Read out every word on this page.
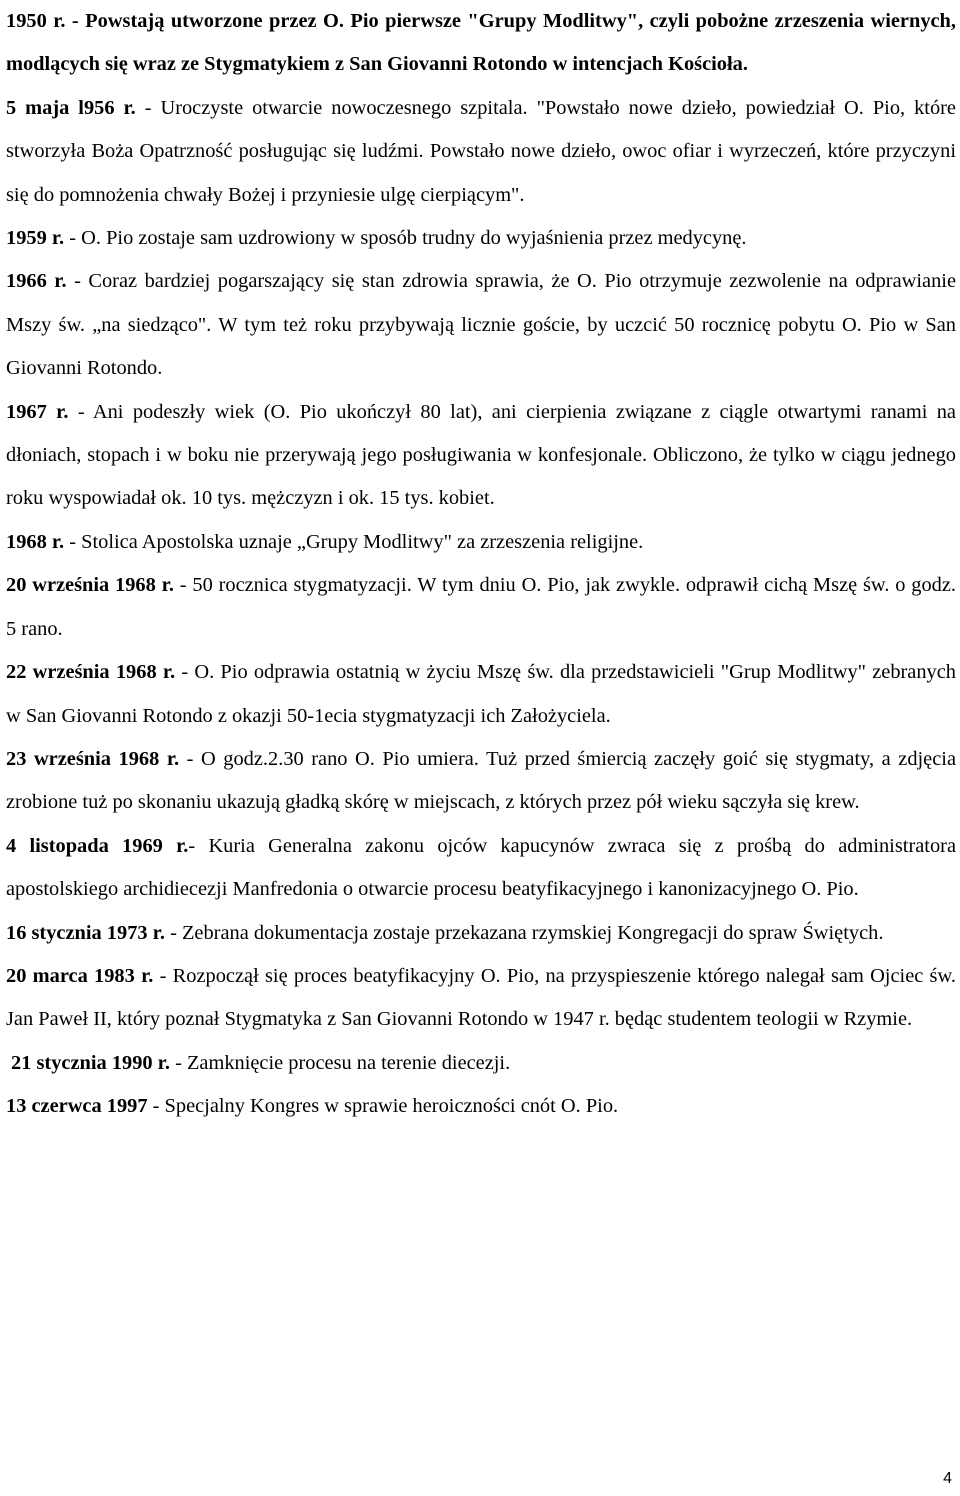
1950 r. - Powstają utworzone przez O. Pio pierwsze "Grupy Modlitwy", czyli pobożne zrzeszenia wiernych, modlących się wraz ze Stygmatykiem z San Giovanni Rotondo w intencjach Kościoła.

5 maja l956 r. - Uroczyste otwarcie nowoczesnego szpitala. "Powstało nowe dzieło, powiedział O. Pio, które stworzyła Boża Opatrzność posługując się ludźmi. Powstało nowe dzieło, owoc ofiar i wyrzeczeń, które przyczyni się do pomnożenia chwały Bożej i przyniesie ulgę cierpiącym".

1959 r. - O. Pio zostaje sam uzdrowiony w sposób trudny do wyjaśnienia przez medycynę.

1966 r. - Coraz bardziej pogarszający się stan zdrowia sprawia, że O. Pio otrzymuje zezwolenie na odprawianie Mszy św. „na siedząco". W tym też roku przybywają licznie goście, by uczcić 50 rocznicę pobytu O. Pio w San Giovanni Rotondo.

1967 r. - Ani podeszły wiek (O. Pio ukończył 80 lat), ani cierpienia związane z ciągle otwartymi ranami na dłoniach, stopach i w boku nie przerywają jego posługiwania w konfesjonale. Obliczono, że tylko w ciągu jednego roku wyspowiadał ok. 10 tys. mężczyzn i ok. 15 tys. kobiet.

1968 r. - Stolica Apostolska uznaje „Grupy Modlitwy" za zrzeszenia religijne.

20 września 1968 r. - 50 rocznica stygmatyzacji. W tym dniu O. Pio, jak zwykle. odprawił cichą Mszę św. o godz. 5 rano.

22 września 1968 r. - O. Pio odprawia ostatnią w życiu Mszę św. dla przedstawicieli "Grup Modlitwy" zebranych w San Giovanni Rotondo z okazji 50-1ecia stygmatyzacji ich Założyciela.

23 września 1968 r. - O godz.2.30 rano O. Pio umiera. Tuż przed śmiercią zaczęły goić się stygmaty, a zdjęcia zrobione tuż po skonaniu ukazują gładką skórę w miejscach, z których przez pół wieku sączyła się krew.

4 listopada 1969 r.- Kuria Generalna zakonu ojców kapucynów zwraca się z prośbą do administratora apostolskiego archidiecezji Manfredonia o otwarcie procesu beatyfikacyjnego i kanonizacyjnego O. Pio.

16 stycznia 1973 r. - Zebrana dokumentacja zostaje przekazana rzymskiej Kongregacji do spraw Świętych.

20 marca 1983 r. - Rozpoczął się proces beatyfikacyjny O. Pio, na przyspieszenie którego nalegał sam Ojciec św. Jan Paweł II, który poznał Stygmatyka z San Giovanni Rotondo w 1947 r. będąc studentem teologii w Rzymie.

21 stycznia 1990 r. - Zamknięcie procesu na terenie diecezji.

13 czerwca 1997 - Specjalny Kongres w sprawie heroiczności cnót O. Pio.

4
